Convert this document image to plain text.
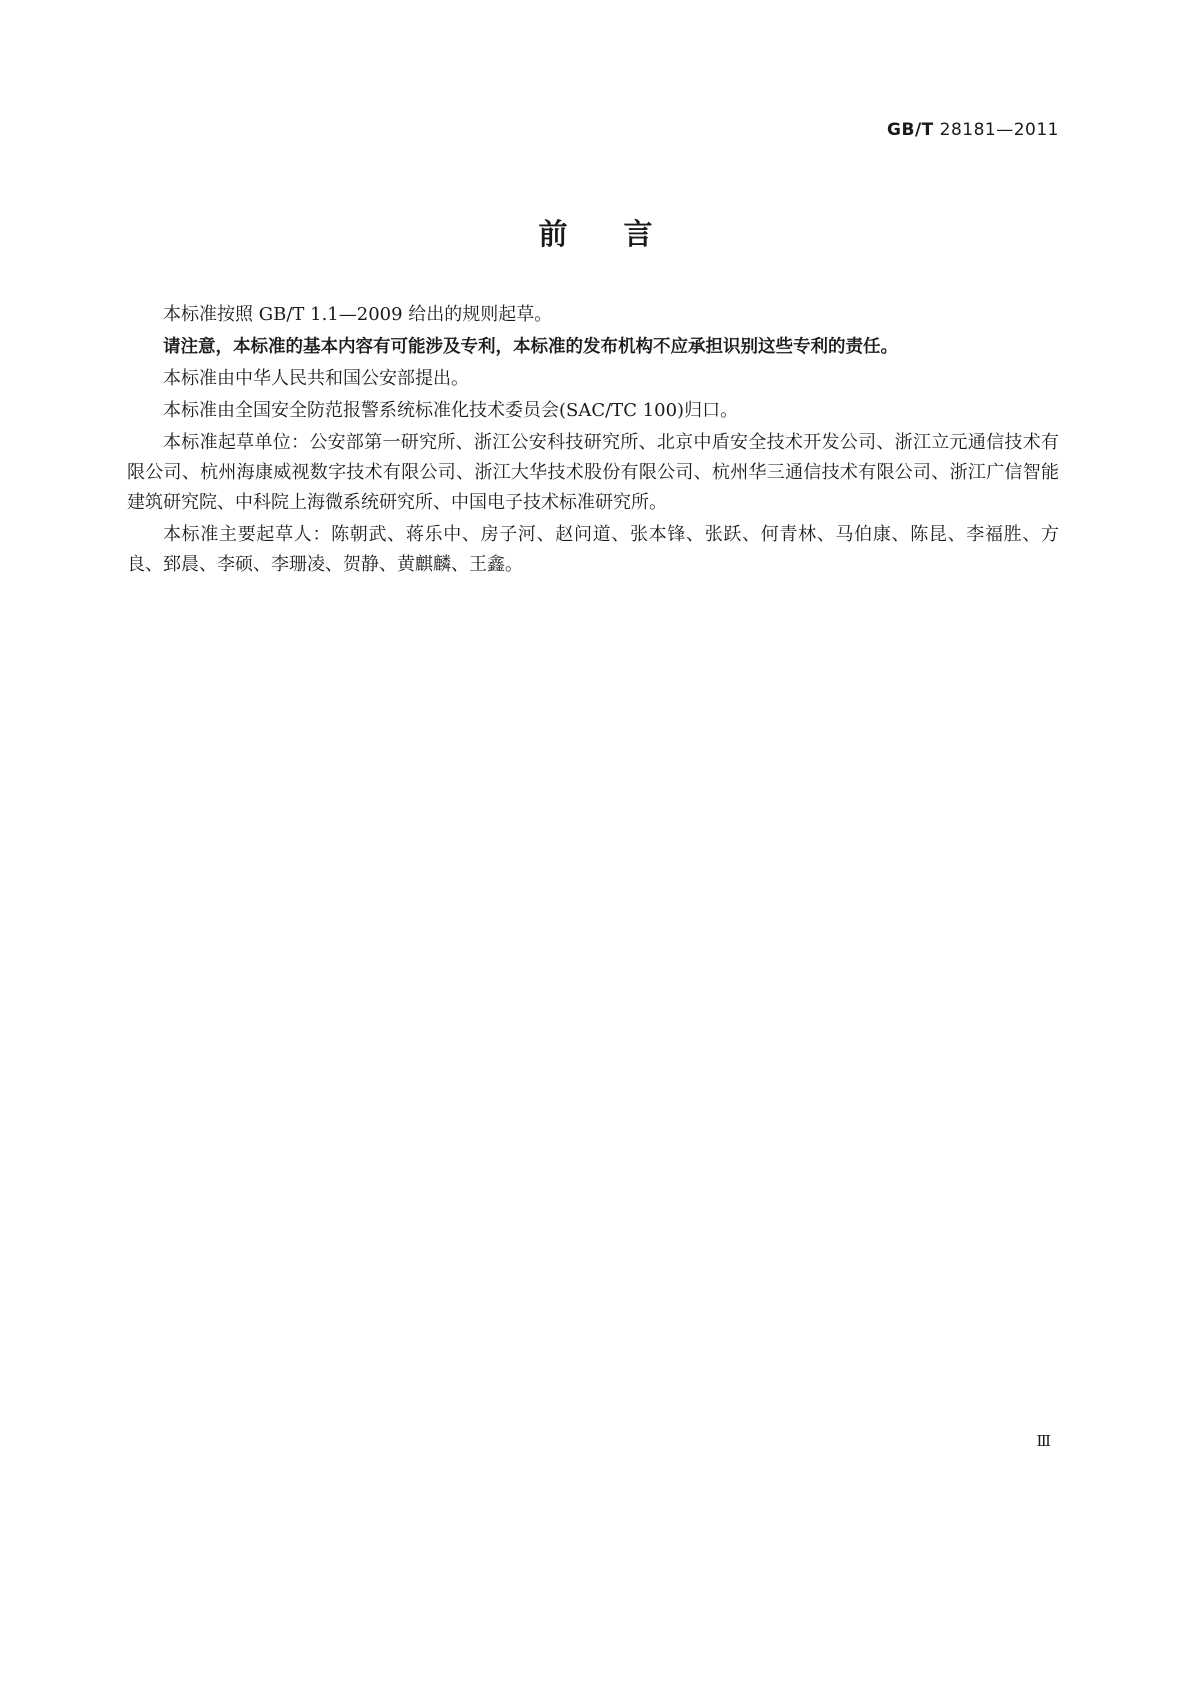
GB/T 28181—2011
前言

本标准按照 GB/T 1.1—2009 给出的规则起草。

请注意，本标准的基本内容有可能涉及专利，本标准的发布机构不应承担识别这些专利的责任。

本标准由中华人民共和国公安部提出。

本标准由全国安全防范报警系统标准化技术委员会(SAC/TC 100)归口。

本标准起草单位：公安部第一研究所、浙江公安科技研究所、北京中盾安全技术开发公司、浙江立元通信技术有限公司、杭州海康威视数字技术有限公司、浙江大华技术股份有限公司、杭州华三通信技术有限公司、浙江广信智能建筑研究院、中科院上海微系统研究所、中国电子技术标准研究所。

本标准主要起草人：陈朝武、蒋乐中、房子河、赵问道、张本锋、张跃、何青林、马伯康、陈昆、李福胜、方良、郅晨、李硕、李珊凌、贺静、黄麒麟、王鑫。

Ⅲ
